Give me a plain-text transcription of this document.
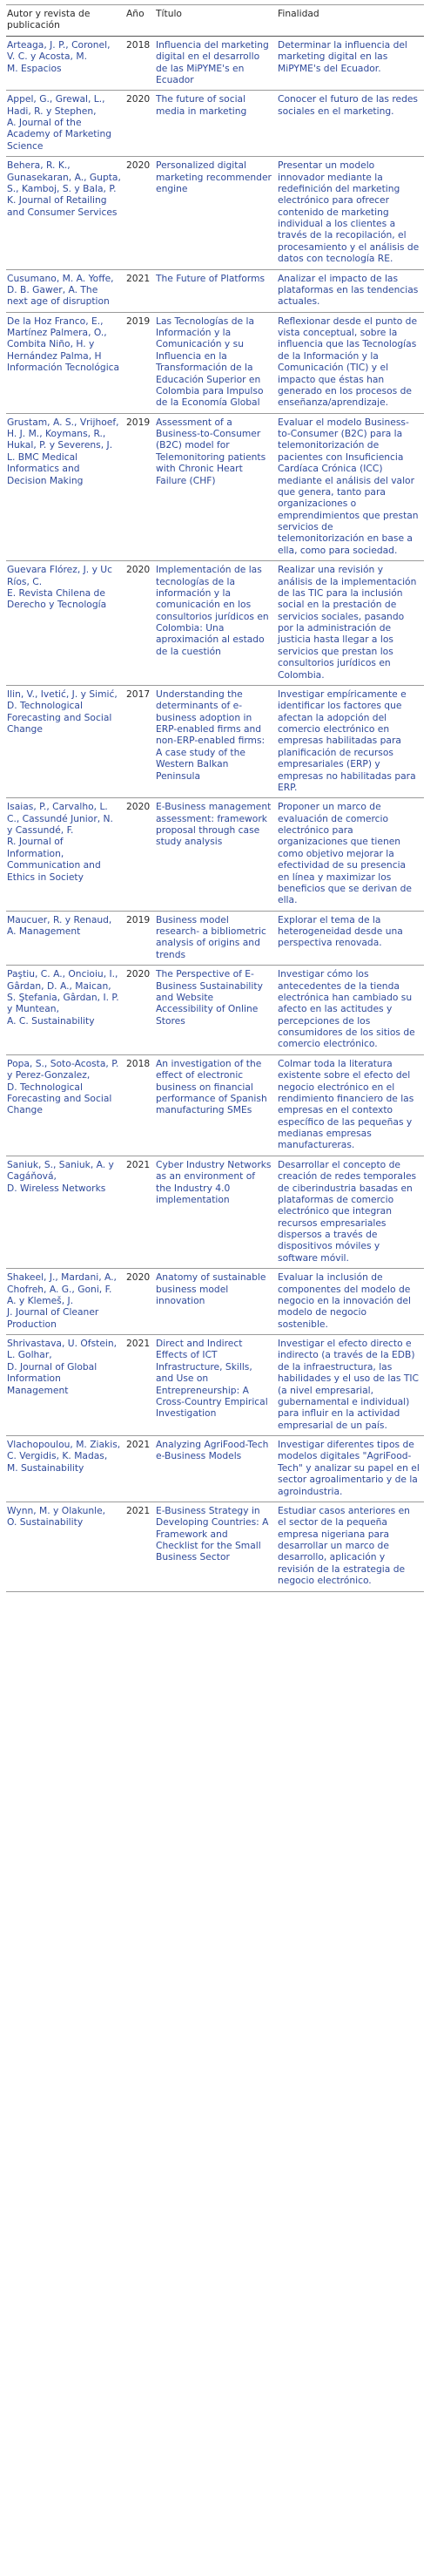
Autor y revista de publicación	Año	Título	Finalidad
Arteaga, J. P., Coronel, V. C. y Acosta, M.
M. Espacios	2018	Influencia del marketing digital en el desarrollo de las MiPYME's en Ecuador	Determinar la influencia del marketing digital en las MiPYME's del Ecuador.
Appel, G., Grewal, L., Hadi, R. y Stephen,
A. Journal of the Academy of Marketing Science	2020	The future of social media in marketing	Conocer el futuro de las redes sociales en el marketing.
Behera, R. K., Gunasekaran, A., Gupta, S., Kamboj, S. y Bala, P.
K. Journal of Retailing and Consumer Services	2020	Personalized digital marketing recommender engine	Presentar un modelo innovador mediante la redefinición del marketing electrónico para ofrecer contenido de marketing individual a los clientes a través de la recopilación, el procesamiento y el análisis de datos con tecnología RE.
Cusumano, M. A. Yoffe, D. B. Gawer, A. The next age of disruption	2021	The Future of Platforms	Analizar el impacto de las plataformas en las tendencias actuales.
De la Hoz Franco, E., Martínez Palmera, O., Combita Niño, H. y Hernández Palma, H Información Tecnológica	2019	Las Tecnologías de la Información y la Comunicación y su Influencia en la Transformación de la Educación Superior en Colombia para Impulso de la Economía Global	Reflexionar desde el punto de vista conceptual, sobre la influencia que las Tecnologías de la Información y la Comunicación (TIC) y el impacto que éstas han generado en los procesos de enseñanza/aprendizaje.
Grustam, A. S., Vrijhoef, H. J. M., Koymans, R., Hukal, P. y Severens, J.
L. BMC Medical Informatics and Decision Making	2019	Assessment of a Business-to-Consumer (B2C) model for Telemonitoring patients with Chronic Heart Failure (CHF)	Evaluar el modelo Business-to-Consumer (B2C) para la telemonitorización de pacientes con Insuficiencia Cardíaca Crónica (ICC) mediante el análisis del valor que genera, tanto para organizaciones o emprendimientos que prestan servicios de telemonitorización en base a ella, como para sociedad.
Guevara Flórez, J. y Uc Ríos, C.
E. Revista Chilena de Derecho y Tecnología	2020	Implementación de las tecnologías de la información y la comunicación en los consultorios jurídicos en Colombia: Una aproximación al estado de la cuestión	Realizar una revisión y análisis de la implementación de las TIC para la inclusión social en la prestación de servicios sociales, pasando por la administración de justicia hasta llegar a los servicios que prestan los consultorios jurídicos en Colombia.
Ilin, V., Ivetić, J. y Simić,
D. Technological Forecasting and Social Change	2017	Understanding the determinants of e-business adoption in ERP-enabled firms and non-ERP-enabled firms: A case study of the Western Balkan Peninsula	Investigar empíricamente e identificar los factores que afectan la adopción del comercio electrónico en empresas habilitadas para planificación de recursos empresariales (ERP) y empresas no habilitadas para ERP.
Isaias, P., Carvalho, L. C., Cassundé Junior, N. y Cassundé, F.
R. Journal of Information, Communication and Ethics in Society	2020	E-Business management assessment: framework proposal through case study analysis	Proponer un marco de evaluación de comercio electrónico para organizaciones que tienen como objetivo mejorar la efectividad de su presencia en línea y maximizar los beneficios que se derivan de ella.
Maucuer, R. y Renaud,
A. Management	2019	Business model research- a bibliometric analysis of origins and trends	Explorar el tema de la heterogeneidad desde una perspectiva renovada.
Paştiu, C. A., Oncioiu, I., Gârdan, D. A., Maican, S. Ştefania, Gârdan, I. P. y Muntean,
A. C. Sustainability	2020	The Perspective of E-Business Sustainability and Website Accessibility of Online Stores	Investigar cómo los antecedentes de la tienda electrónica han cambiado su afecto en las actitudes y percepciones de los consumidores de los sitios de comercio electrónico.
Popa, S., Soto-Acosta, P. y Perez-Gonzalez,
D. Technological Forecasting and Social Change	2018	An investigation of the effect of electronic business on financial performance of Spanish manufacturing SMEs	Colmar toda la literatura existente sobre el efecto del negocio electrónico en el rendimiento financiero de las empresas en el contexto específico de las pequeñas y medianas empresas manufactureras.
Saniuk, S., Saniuk, A. y Cagáňová,
D. Wireless Networks	2021	Cyber Industry Networks as an environment of the Industry 4.0 implementation	Desarrollar el concepto de creación de redes temporales de ciberindustria basadas en plataformas de comercio electrónico que integran recursos empresariales dispersos a través de dispositivos móviles y software móvil.
Shakeel, J., Mardani, A., Chofreh, A. G., Goni, F. A. y Klemeš, J.
J. Journal of Cleaner Production	2020	Anatomy of sustainable business model innovation	Evaluar la inclusión de componentes del modelo de negocio en la innovación del modelo de negocio sostenible.
Shrivastava, U. Ofstein, L. Golhar,
D. Journal of Global Information Management	2021	Direct and Indirect Effects of ICT Infrastructure, Skills, and Use on Entrepreneurship: A Cross-Country Empirical Investigation	Investigar el efecto directo e indirecto (a través de la EDB) de la infraestructura, las habilidades y el uso de las TIC (a nivel empresarial, gubernamental e individual) para influir en la actividad empresarial de un país.
Vlachopoulou, M. Ziakis, C. Vergidis, K. Madas,
M. Sustainability	2021	Analyzing AgriFood-Tech e-Business Models	Investigar diferentes tipos de modelos digitales "AgriFood-Tech" y analizar su papel en el sector agroalimentario y de la agroindustria.
Wynn, M. y Olakunle,
O. Sustainability	2021	E-Business Strategy in Developing Countries: A Framework and Checklist for the Small Business Sector	Estudiar casos anteriores en el sector de la pequeña empresa nigeriana para desarrollar un marco de desarrollo, aplicación y revisión de la estrategia de negocio electrónico.
